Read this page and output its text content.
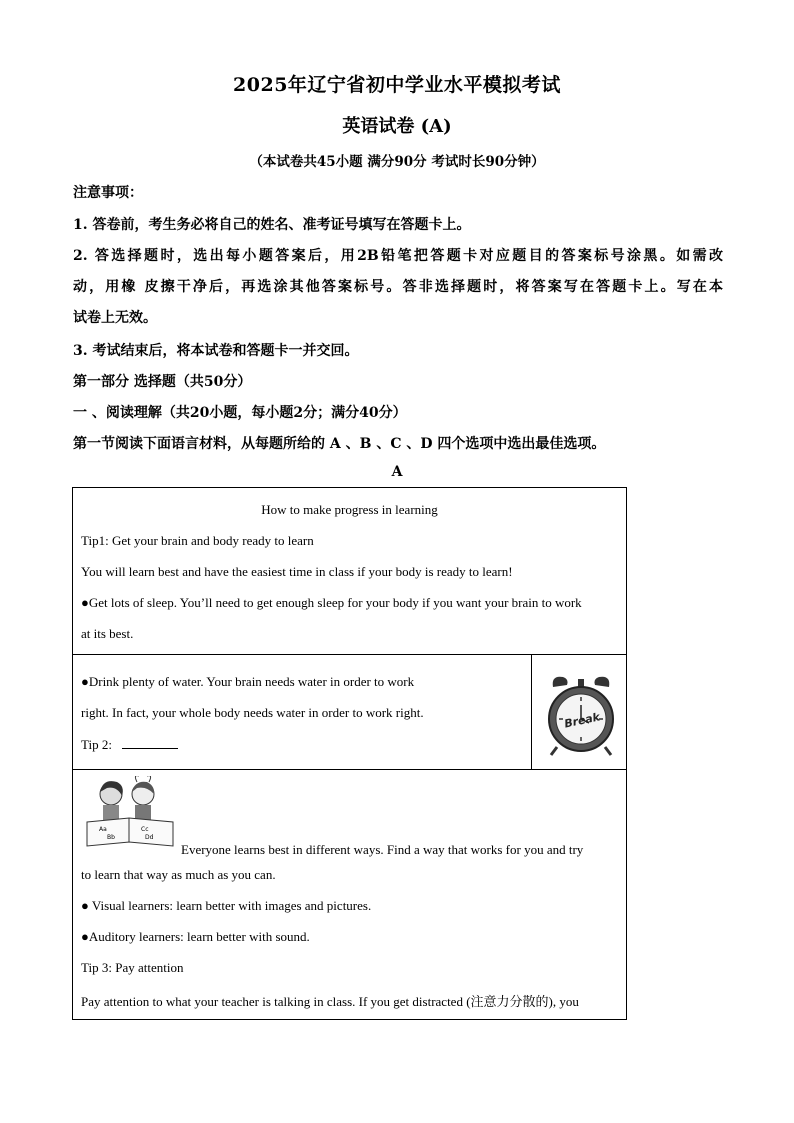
2025年辽宁省初中学业水平模拟考试
英语试卷 (A)
（本试卷共45小题 满分90分 考试时长90分钟）
注意事项：
1. 答卷前，考生务必将自己的姓名、准考证号填写在答题卡上。
2. 答选择题时，选出每小题答案后，用2B铅笔把答题卡对应题目的答案标号涂黑。如需改
动，用橡 皮擦干净后，再选涂其他答案标号。答非选择题时，将答案写在答题卡上。写在本
试卷上无效。
3. 考试结束后，将本试卷和答题卡一并交回。
第一部分 选择题（共50分）
一 、阅读理解（共20小题，每小题2分；满分40分）
第一节阅读下面语言材料，从每题所给的 A 、B 、C 、D 四个选项中选出最佳选项。
A
How to make progress in learning
Tip1: Get your brain and body ready to learn
You will learn best and have the easiest time in class if your body is ready to learn!
●Get lots of sleep. You’ll need to get enough sleep for your body if you want your brain to work
at its best.
●Drink plenty of water. Your brain needs water in order to work
right. In fact, your whole body needs water in order to work right.
Tip 2:
Break
Aa	Cc
Bb	Dd
Everyone learns best in different ways. Find a way that works for you and try
to learn that way as much as you can.
● Visual learners: learn better with images and pictures.
●Auditory learners: learn better with sound.
Tip 3: Pay attention
Pay attention to what your teacher is talking in class. If you get distracted (注意力分散的), you
